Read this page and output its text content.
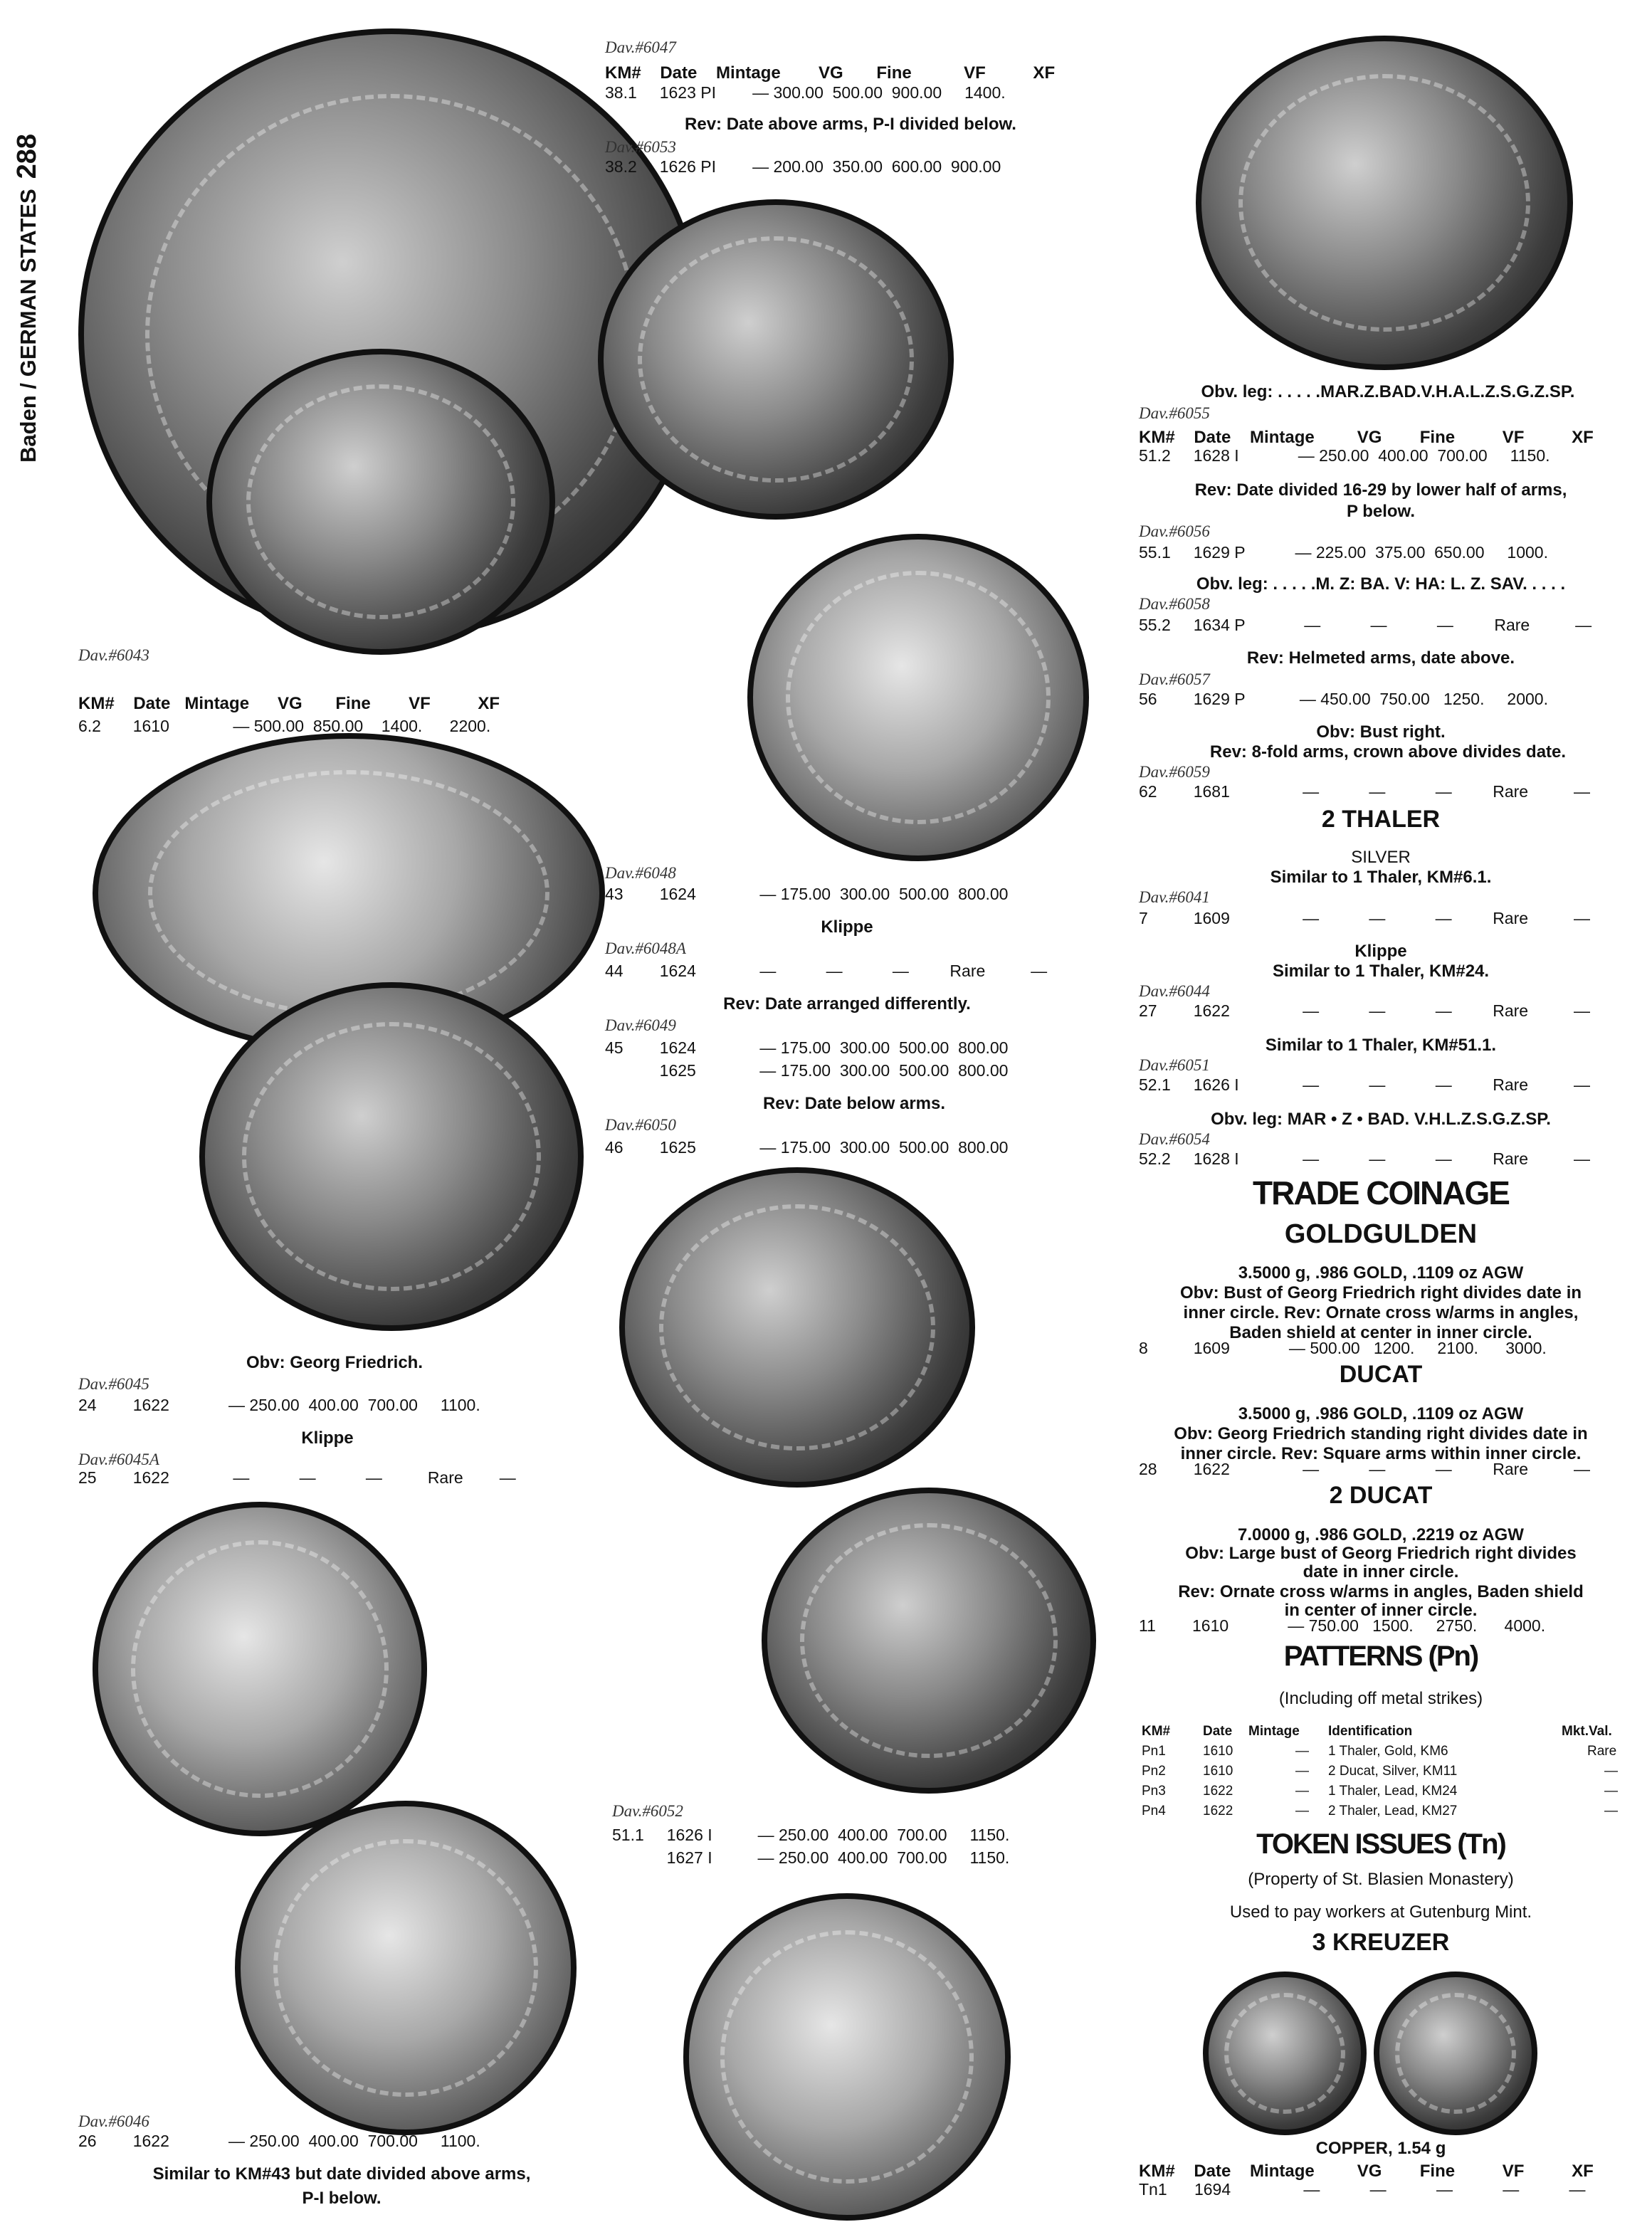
Baden / GERMAN STATES288
Dav.#6043
KM#    Date   Mintage      VG       Fine        VF          XF
6.2       1610              — 500.00  850.00    1400.      2200.
Obv: Georg Friedrich.
Dav.#6045
24        1622             — 250.00  400.00  700.00     1100.
Klippe
Dav.#6045A
25        1622              —           —           —          Rare        —
Dav.#6046
26        1622             — 250.00  400.00  700.00     1100.
Similar to KM#43 but date divided above arms,
P-I below.
Dav.#6047
KM#    Date    Mintage        VG       Fine           VF          XF
38.1     1623 PI        — 300.00  500.00  900.00     1400.
Rev: Date above arms, P-I divided below.
Dav.#6053
38.2     1626 PI        — 200.00  350.00  600.00  900.00
Dav.#6048
43        1624              — 175.00  300.00  500.00  800.00
Klippe
Dav.#6048A
44        1624              —           —           —         Rare          —
Rev: Date arranged differently.
Dav.#6049
45        1624              — 175.00  300.00  500.00  800.00
1625              — 175.00  300.00  500.00  800.00
Rev: Date below arms.
Dav.#6050
46        1625              — 175.00  300.00  500.00  800.00
Dav.#6052
51.1     1626 I          — 250.00  400.00  700.00     1150.
1627 I          — 250.00  400.00  700.00     1150.
Obv. leg: . . . . .MAR.Z.BAD.V.H.A.L.Z.S.G.Z.SP.
Dav.#6055
KM#    Date    Mintage         VG        Fine          VF          XF
51.2     1628 I             — 250.00  400.00  700.00     1150.
Rev: Date divided 16-29 by lower half of arms,
P below.
Dav.#6056
55.1     1629 P           — 225.00  375.00  650.00     1000.
Obv. leg: . . . . .M. Z: BA. V: HA: L. Z. SAV. . . . .
Dav.#6058
55.2     1634 P             —           —           —         Rare          —
Rev: Helmeted arms, date above.
Dav.#6057
56        1629 P            — 450.00  750.00   1250.     2000.
Obv: Bust right.
Rev: 8-fold arms, crown above divides date.
Dav.#6059
62        1681                —           —           —         Rare          —
2 THALER
SILVER
Similar to 1 Thaler, KM#6.1.
Dav.#6041
7          1609                —           —           —         Rare          —
Klippe
Similar to 1 Thaler, KM#24.
Dav.#6044
27        1622                —           —           —         Rare          —
Similar to 1 Thaler, KM#51.1.
Dav.#6051
52.1     1626 I              —           —           —         Rare          —
Obv. leg: MAR • Z • BAD. V.H.L.Z.S.G.Z.SP.
Dav.#6054
52.2     1628 I              —           —           —         Rare          —
TRADE COINAGE
GOLDGULDEN
3.5000 g, .986 GOLD, .1109 oz AGW
Obv: Bust of Georg Friedrich right divides date in
inner circle. Rev: Ornate cross w/arms in angles,
Baden shield at center in inner circle.
8          1609             — 500.00   1200.     2100.      3000.
DUCAT
3.5000 g, .986 GOLD, .1109 oz AGW
Obv: Georg Friedrich standing right divides date in
inner circle. Rev: Square arms within inner circle.
28        1622                —           —           —         Rare          —
2 DUCAT
7.0000 g, .986 GOLD, .2219 oz AGW
Obv: Large bust of Georg Friedrich right divides
date in inner circle.
Rev: Ornate cross w/arms in angles, Baden shield
in center of inner circle.
11        1610             — 750.00   1500.     2750.      4000.
PATTERNS (Pn)
(Including off metal strikes)
KM#	Date Mintage	Identification	Mkt.Val.
Pn1	1610	—	1 Thaler, Gold, KM6	Rare
Pn2	1610	—	2 Ducat, Silver, KM11	—
Pn3	1622	—	1 Thaler, Lead, KM24	—
Pn4	1622	—	2 Thaler, Lead, KM27	—
TOKEN ISSUES (Tn)
(Property of St. Blasien Monastery)
Used to pay workers at Gutenburg Mint.
3 KREUZER
COPPER, 1.54 g
KM#    Date    Mintage         VG        Fine          VF          XF
Tn1      1694                —           —           —           —           —
